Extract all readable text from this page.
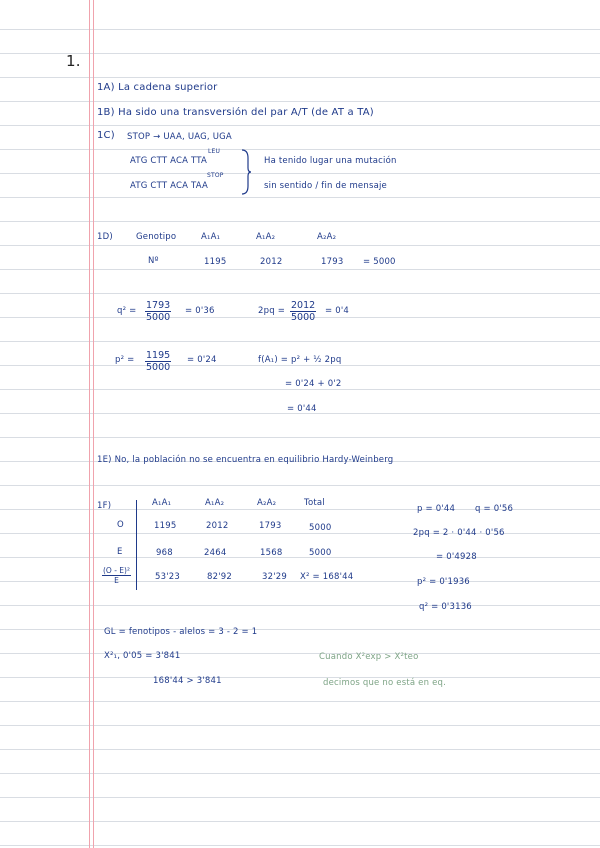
1.
1A) La cadena superior
1B) Ha sido una transversión del par A/T (de AT a TA)
1C) STOP → UAA, UAG, UGA
LEU
ATG CTT ACA TTA
STOP
ATG CTT ACA TAA
Ha tenido lugar una mutación
sin sentido / fin de mensaje
1D)	Genotipo	A₁A₁	A₁A₂	A₂A₂
Nº	1195	2012	1793 = 5000
$q^2 = \frac{1793}{5000} = 0'36$	$2pq = \frac{2012}{5000} = 0'4$
$p^2 = \frac{1195}{5000} = 0'24$	f(A₁) = p² + ½ 2pq
= 0'24 + 0'2
= 0'44
1E) No, la población no se encuentra en equilibrio Hardy-Weinberg
1F)	A₁A₁	A₁A₂	A₂A₂	Total
O	1195	2012	1793	5000
E	968	2464	1568	5000
$\frac{\text{(O - E)²}}{E}$	53'23	82'92	32'29 X² = 168'44
p = 0'44 q = 0'56
2pq = 2 · 0'44 · 0'56
= 0'4928
p² = 0'1936
q² = 0'3136
GL = fenotipos - alelos = 3 - 2 = 1
X²₁, 0'05 = 3'841
168'44 > 3'841
Cuando X²exp > X²teo
decimos que no está en eq.
